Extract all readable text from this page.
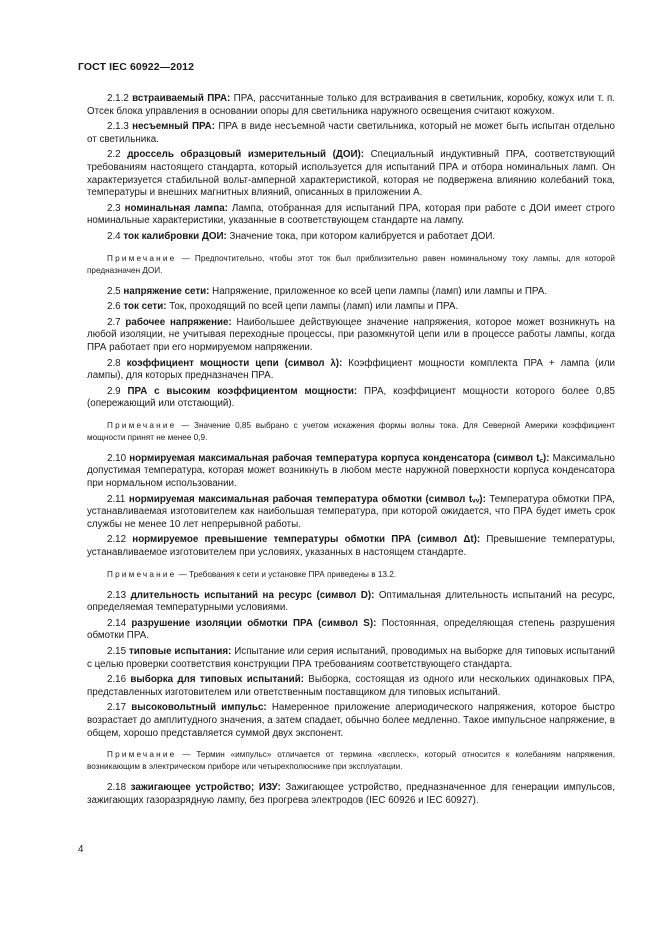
ГОСТ IEC 60922—2012

2.1.2 встраиваемый ПРА: ПРА, рассчитанные только для встраивания в светильник, коробку, кожух или т. п. Отсек блока управления в основании опоры для светильника наружного освещения считают кожухом.

2.1.3 несъемный ПРА: ПРА в виде несъемной части светильника, который не может быть испытан отдельно от светильника.

2.2 дроссель образцовый измерительный (ДОИ): Специальный индуктивный ПРА, соответствующий требованиям настоящего стандарта, который используется для испытаний ПРА и отбора номинальных ламп. Он характеризуется стабильной вольт-амперной характеристикой, которая не подвержена влиянию колебаний тока, температуры и внешних магнитных влияний, описанных в приложении А.

2.3 номинальная лампа: Лампа, отобранная для испытаний ПРА, которая при работе с ДОИ имеет строго номинальные характеристики, указанные в соответствующем стандарте на лампу.

2.4 ток калибровки ДОИ: Значение тока, при котором калибруется и работает ДОИ.

Примечание — Предпочтительно, чтобы этот ток был приблизительно равен номинальному току лампы, для которой предназначен ДОИ.

2.5 напряжение сети: Напряжение, приложенное ко всей цепи лампы (ламп) или лампы и ПРА.

2.6 ток сети: Ток, проходящий по всей цепи лампы (ламп) или лампы и ПРА.

2.7 рабочее напряжение: Наибольшее действующее значение напряжения, которое может возникнуть на любой изоляции, не учитывая переходные процессы, при разомкнутой цепи или в процессе работы лампы, когда ПРА работает при его нормируемом напряжении.

2.8 коэффициент мощности цепи (символ λ): Коэффициент мощности комплекта ПРА + лампа (или лампы), для которых предназначен ПРА.

2.9 ПРА с высоким коэффициентом мощности: ПРА, коэффициент мощности которого более 0,85 (опережающий или отстающий).

Примечание — Значение 0,85 выбрано с учетом искажения формы волны тока. Для Северной Америки коэффициент мощности принят не менее 0,9.

2.10 нормируемая максимальная рабочая температура корпуса конденсатора (символ t꜀): Максимально допустимая температура, которая может возникнуть в любом месте наружной поверхности корпуса конденсатора при нормальном использовании.

2.11 нормируемая максимальная рабочая температура обмотки (символ tᵥᵥ): Температура обмотки ПРА, устанавливаемая изготовителем как наибольшая температура, при которой ожидается, что ПРА будет иметь срок службы не менее 10 лет непрерывной работы.

2.12 нормируемое превышение температуры обмотки ПРА (символ Δt): Превышение температуры, устанавливаемое изготовителем при условиях, указанных в настоящем стандарте.

Примечание — Требования к сети и установке ПРА приведены в 13.2.

2.13 длительность испытаний на ресурс (символ D): Оптимальная длительность испытаний на ресурс, определяемая температурными условиями.

2.14 разрушение изоляции обмотки ПРА (символ S): Постоянная, определяющая степень разрушения обмотки ПРА.

2.15 типовые испытания: Испытание или серия испытаний, проводимых на выборке для типовых испытаний с целью проверки соответствия конструкции ПРА требованиям соответствующего стандарта.

2.16 выборка для типовых испытаний: Выборка, состоящая из одного или нескольких одинаковых ПРА, представленных изготовителем или ответственным поставщиком для типовых испытаний.

2.17 высоковольтный импульс: Намеренное приложение апериодического напряжения, которое быстро возрастает до амплитудного значения, а затем спадает, обычно более медленно. Такое импульсное напряжение, в общем, хорошо представляется суммой двух экспонент.

Примечание — Термин «импульс» отличается от термина «всплеск», который относится к колебаниям напряжения, возникающим в электрическом приборе или четырехполюснике при эксплуатации.

2.18 зажигающее устройство; ИЗУ: Зажигающее устройство, предназначенное для генерации импульсов, зажигающих газоразрядную лампу, без прогрева электродов (IEC 60926 и IEC 60927).

4
